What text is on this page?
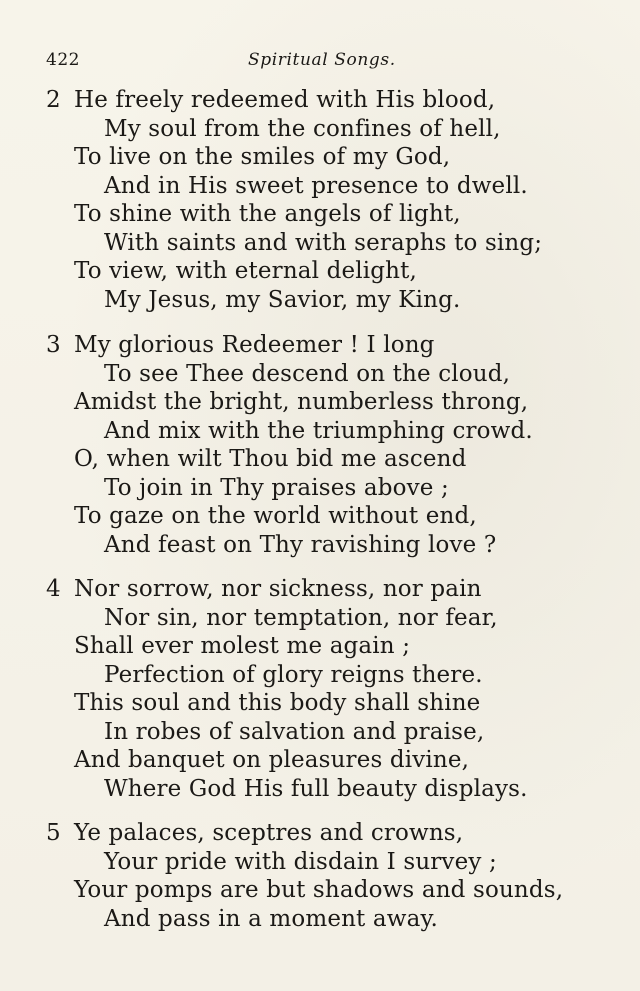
422	Spiritual Songs.
2 He freely redeemed with His blood,
My soul from the confines of hell,
To live on the smiles of my God,
And in His sweet presence to dwell.
To shine with the angels of light,
With saints and with seraphs to sing;
To view, with eternal delight,
My Jesus, my Savior, my King.
3 My glorious Redeemer ! I long
To see Thee descend on the cloud,
Amidst the bright, numberless throng,
And mix with the triumphing crowd.
O, when wilt Thou bid me ascend
To join in Thy praises above ;
To gaze on the world without end,
And feast on Thy ravishing love ?
4 Nor sorrow, nor sickness, nor pain
Nor sin, nor temptation, nor fear,
Shall ever molest me again ;
Perfection of glory reigns there.
This soul and this body shall shine
In robes of salvation and praise,
And banquet on pleasures divine,
Where God His full beauty displays.
5 Ye palaces, sceptres and crowns,
Your pride with disdain I survey ;
Your pomps are but shadows and sounds,
And pass in a moment away.
